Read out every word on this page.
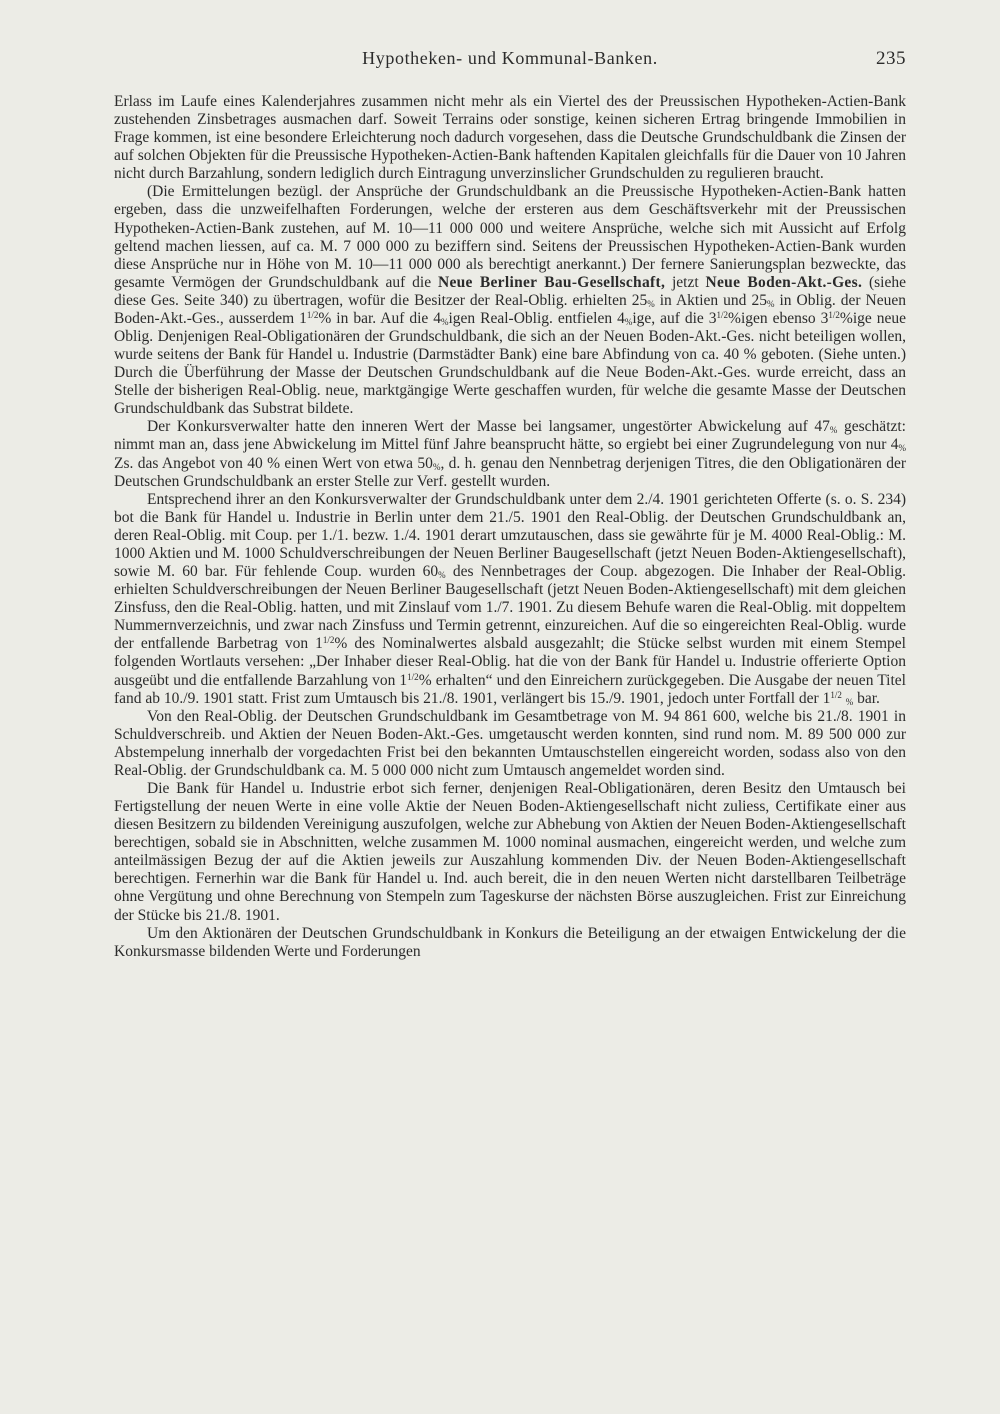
Hypotheken- und Kommunal-Banken.	235

Erlass im Laufe eines Kalenderjahres zusammen nicht mehr als ein Viertel des der Preussischen Hypotheken-Actien-Bank zustehenden Zinsbetrages ausmachen darf. Soweit Terrains oder sonstige, keinen sicheren Ertrag bringende Immobilien in Frage kommen, ist eine besondere Erleichterung noch dadurch vorgesehen, dass die Deutsche Grundschuldbank die Zinsen der auf solchen Objekten für die Preussische Hypotheken-Actien-Bank haftenden Kapitalen gleichfalls für die Dauer von 10 Jahren nicht durch Barzahlung, sondern lediglich durch Eintragung unverzinslicher Grundschulden zu regulieren braucht.

(Die Ermittelungen bezügl. der Ansprüche der Grundschuldbank an die Preussische Hypotheken-Actien-Bank hatten ergeben, dass die unzweifelhaften Forderungen, welche der ersteren aus dem Geschäftsverkehr mit der Preussischen Hypotheken-Actien-Bank zustehen, auf M. 10—11 000 000 und weitere Ansprüche, welche sich mit Aussicht auf Erfolg geltend machen liessen, auf ca. M. 7 000 000 zu beziffern sind. Seitens der Preussischen Hypotheken-Actien-Bank wurden diese Ansprüche nur in Höhe von M. 10—11 000 000 als berechtigt anerkannt.) Der fernere Sanierungsplan bezweckte, das gesamte Vermögen der Grundschuldbank auf die Neue Berliner Bau-Gesellschaft, jetzt Neue Boden-Akt.-Ges. (siehe diese Ges. Seite 340) zu übertragen, wofür die Besitzer der Real-Oblig. erhielten $25_{\%}$ in Aktien und $25_{\%}$ in Oblig. der Neuen Boden-Akt.-Ges., ausserdem $1^{1/2}\%$ in bar. Auf die $4_{\%}igen$ Real-Oblig. entfielen $4_{\%}ige$, auf die $3^{1/2}\%igen$ ebenso $3^{1/2}\%ige$ neue Oblig. Denjenigen Real-Obligationären der Grundschuldbank, die sich an der Neuen Boden-Akt.-Ges. nicht beteiligen wollen, wurde seitens der Bank für Handel u. Industrie (Darmstädter Bank) eine bare Abfindung von ca. 40 % geboten. (Siehe unten.) Durch die Überführung der Masse der Deutschen Grundschuldbank auf die Neue Boden-Akt.-Ges. wurde erreicht, dass an Stelle der bisherigen Real-Oblig. neue, marktgängige Werte geschaffen wurden, für welche die gesamte Masse der Deutschen Grundschuldbank das Substrat bildete.

Der Konkursverwalter hatte den inneren Wert der Masse bei langsamer, ungestörter Abwickelung auf $47_{\%}$ geschätzt: nimmt man an, dass jene Abwickelung im Mittel fünf Jahre beansprucht hätte, so ergiebt bei einer Zugrundelegung von nur $4_{\%}$ Zs. das Angebot von 40 % einen Wert von etwa $50_{\%}$, d. h. genau den Nennbetrag derjenigen Titres, die den Obligationären der Deutschen Grundschuldbank an erster Stelle zur Verf. gestellt wurden.

Entsprechend ihrer an den Konkursverwalter der Grundschuldbank unter dem 2./4. 1901 gerichteten Offerte (s. o. S. 234) bot die Bank für Handel u. Industrie in Berlin unter dem 21./5. 1901 den Real-Oblig. der Deutschen Grundschuldbank an, deren Real-Oblig. mit Coup. per 1./1. bezw. 1./4. 1901 derart umzutauschen, dass sie gewährte für je M. 4000 Real-Oblig.: M. 1000 Aktien und M. 1000 Schuldverschreibungen der Neuen Berliner Baugesellschaft (jetzt Neuen Boden-Aktiengesellschaft), sowie M. 60 bar. Für fehlende Coup. wurden $60_{\%}$ des Nennbetrages der Coup. abgezogen. Die Inhaber der Real-Oblig. erhielten Schuldverschreibungen der Neuen Berliner Baugesellschaft (jetzt Neuen Boden-Aktiengesellschaft) mit dem gleichen Zinsfuss, den die Real-Oblig. hatten, und mit Zinslauf vom 1./7. 1901. Zu diesem Behufe waren die Real-Oblig. mit doppeltem Nummernverzeichnis, und zwar nach Zinsfuss und Termin getrennt, einzureichen. Auf die so eingereichten Real-Oblig. wurde der entfallende Barbetrag von $1^{1/2}\%$ des Nominalwertes alsbald ausgezahlt; die Stücke selbst wurden mit einem Stempel folgenden Wortlauts versehen: „Der Inhaber dieser Real-Oblig. hat die von der Bank für Handel u. Industrie offerierte Option ausgeübt und die entfallende Barzahlung von $1^{1/2}\%$ erhalten“ und den Einreichern zurückgegeben. Die Ausgabe der neuen Titel fand ab 10./9. 1901 statt. Frist zum Umtausch bis 21./8. 1901, verlängert bis 15./9. 1901, jedoch unter Fortfall der $1^{1/2}$ $_{\%}$ bar.

Von den Real-Oblig. der Deutschen Grundschuldbank im Gesamtbetrage von M. 94 861 600, welche bis 21./8. 1901 in Schuldverschreib. und Aktien der Neuen Boden-Akt.-Ges. umgetauscht werden konnten, sind rund nom. M. 89 500 000 zur Abstempelung innerhalb der vorgedachten Frist bei den bekannten Umtauschstellen eingereicht worden, sodass also von den Real-Oblig. der Grundschuldbank ca. M. 5 000 000 nicht zum Umtausch angemeldet worden sind.

Die Bank für Handel u. Industrie erbot sich ferner, denjenigen Real-Obligationären, deren Besitz den Umtausch bei Fertigstellung der neuen Werte in eine volle Aktie der Neuen Boden-Aktiengesellschaft nicht zuliess, Certifikate einer aus diesen Besitzern zu bildenden Vereinigung auszufolgen, welche zur Abhebung von Aktien der Neuen Boden-Aktiengesellschaft berechtigen, sobald sie in Abschnitten, welche zusammen M. 1000 nominal ausmachen, eingereicht werden, und welche zum anteilmässigen Bezug der auf die Aktien jeweils zur Auszahlung kommenden Div. der Neuen Boden-Aktiengesellschaft berechtigen. Fernerhin war die Bank für Handel u. Ind. auch bereit, die in den neuen Werten nicht darstellbaren Teilbeträge ohne Vergütung und ohne Berechnung von Stempeln zum Tageskurse der nächsten Börse auszugleichen. Frist zur Einreichung der Stücke bis 21./8. 1901.

Um den Aktionären der Deutschen Grundschuldbank in Konkurs die Beteiligung an der etwaigen Entwickelung der die Konkursmasse bildenden Werte und Forderungen
